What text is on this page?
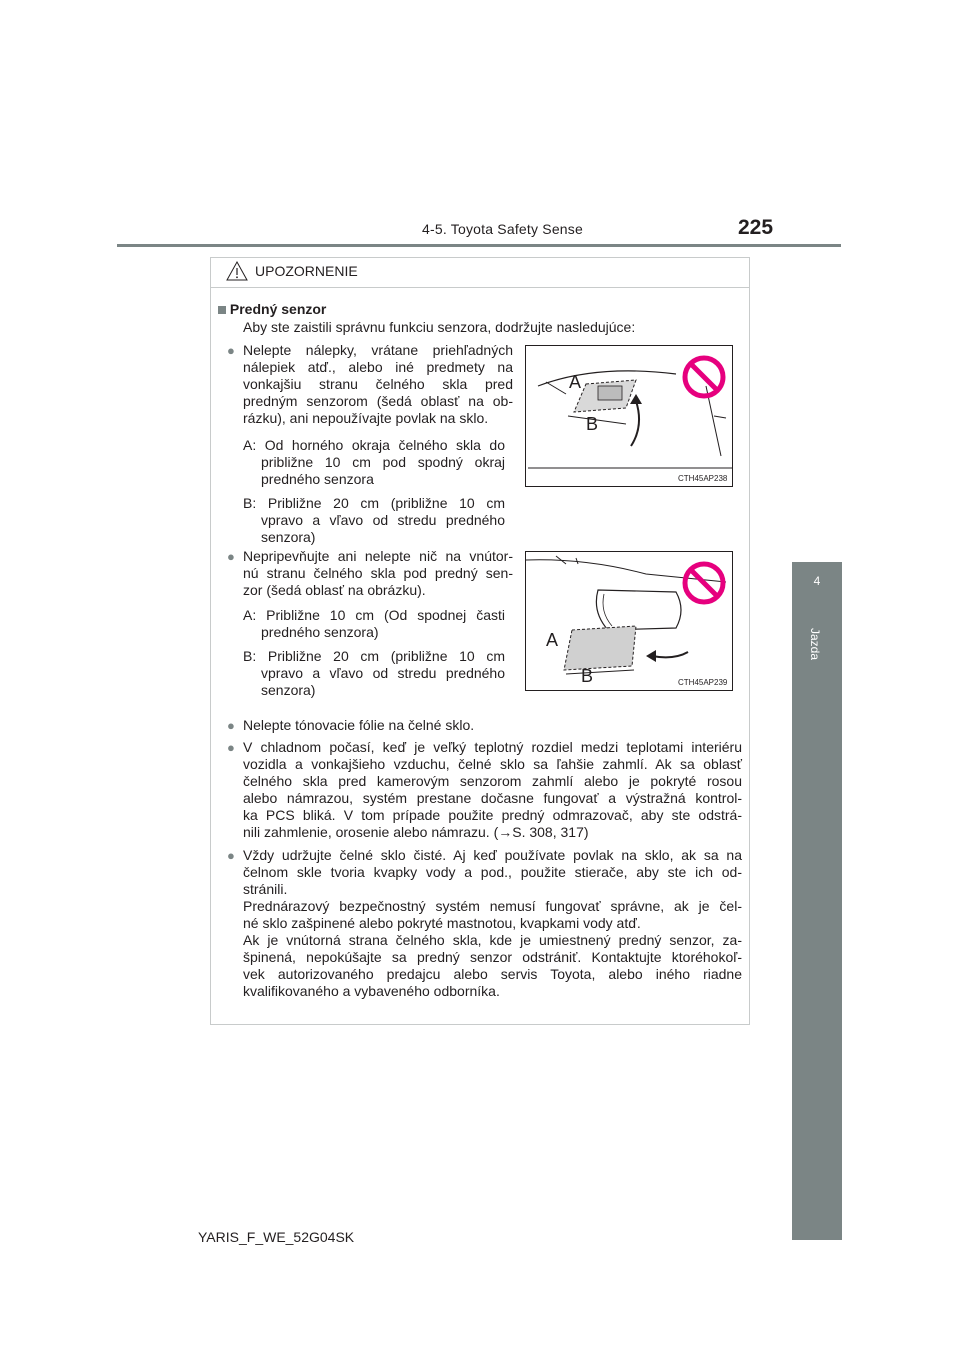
4-5. Toyota Safety Sense	225
4
Jazda
UPOZORNENIE
Predný senzor
Aby ste zaistili správnu funkciu senzora, dodržujte nasledujúce:
● Nelepte nálepky, vrátane priehľadných
nálepiek atď., alebo iné predmety na
vonkajšiu stranu čelného skla pred
predným senzorom (šedá oblasť na ob-
rázku), ani nepoužívajte povlak na sklo.
A: Od horného okraja čelného skla do
približne 10 cm pod spodný okraj
predného senzora
B: Približne 20 cm (približne 10 cm
vpravo a vľavo od stredu predného
senzora)
A
B
CTH45AP238
● Nepripevňujte ani nelepte nič na vnútor-
nú stranu čelného skla pod predný sen-
zor (šedá oblasť na obrázku).
A: Približne 10 cm (Od spodnej časti
predného senzora)
B: Približne 20 cm (približne 10 cm
vpravo a vľavo od stredu predného
senzora)
A
B	CTH45AP239
● Nelepte tónovacie fólie na čelné sklo.
● V chladnom počasí, keď je veľký teplotný rozdiel medzi teplotami interiéru
vozidla a vonkajšieho vzduchu, čelné sklo sa ľahšie zahmlí. Ak sa oblasť
čelného skla pred kamerovým senzorom zahmlí alebo je pokryté rosou
alebo námrazou, systém prestane dočasne fungovať a výstražná kontrol-
ka PCS bliká. V tom prípade použite predný odmrazovač, aby ste odstrá-
nili zahmlenie, orosenie alebo námrazu. (→S. 308, 317)
● Vždy udržujte čelné sklo čisté. Aj keď používate povlak na sklo, ak sa na
čelnom skle tvoria kvapky vody a pod., použite stierače, aby ste ich od-
stránili.
Prednárazový bezpečnostný systém nemusí fungovať správne, ak je čel-
né sklo zašpinené alebo pokryté mastnotou, kvapkami vody atď.
Ak je vnútorná strana čelného skla, kde je umiestnený predný senzor, za-
špinená, nepokúšajte sa predný senzor odstrániť. Kontaktujte ktoréhokoľ-
vek autorizovaného predajcu alebo servis Toyota, alebo iného riadne
kvalifikovaného a vybaveného odborníka.
YARIS_F_WE_52G04SK
